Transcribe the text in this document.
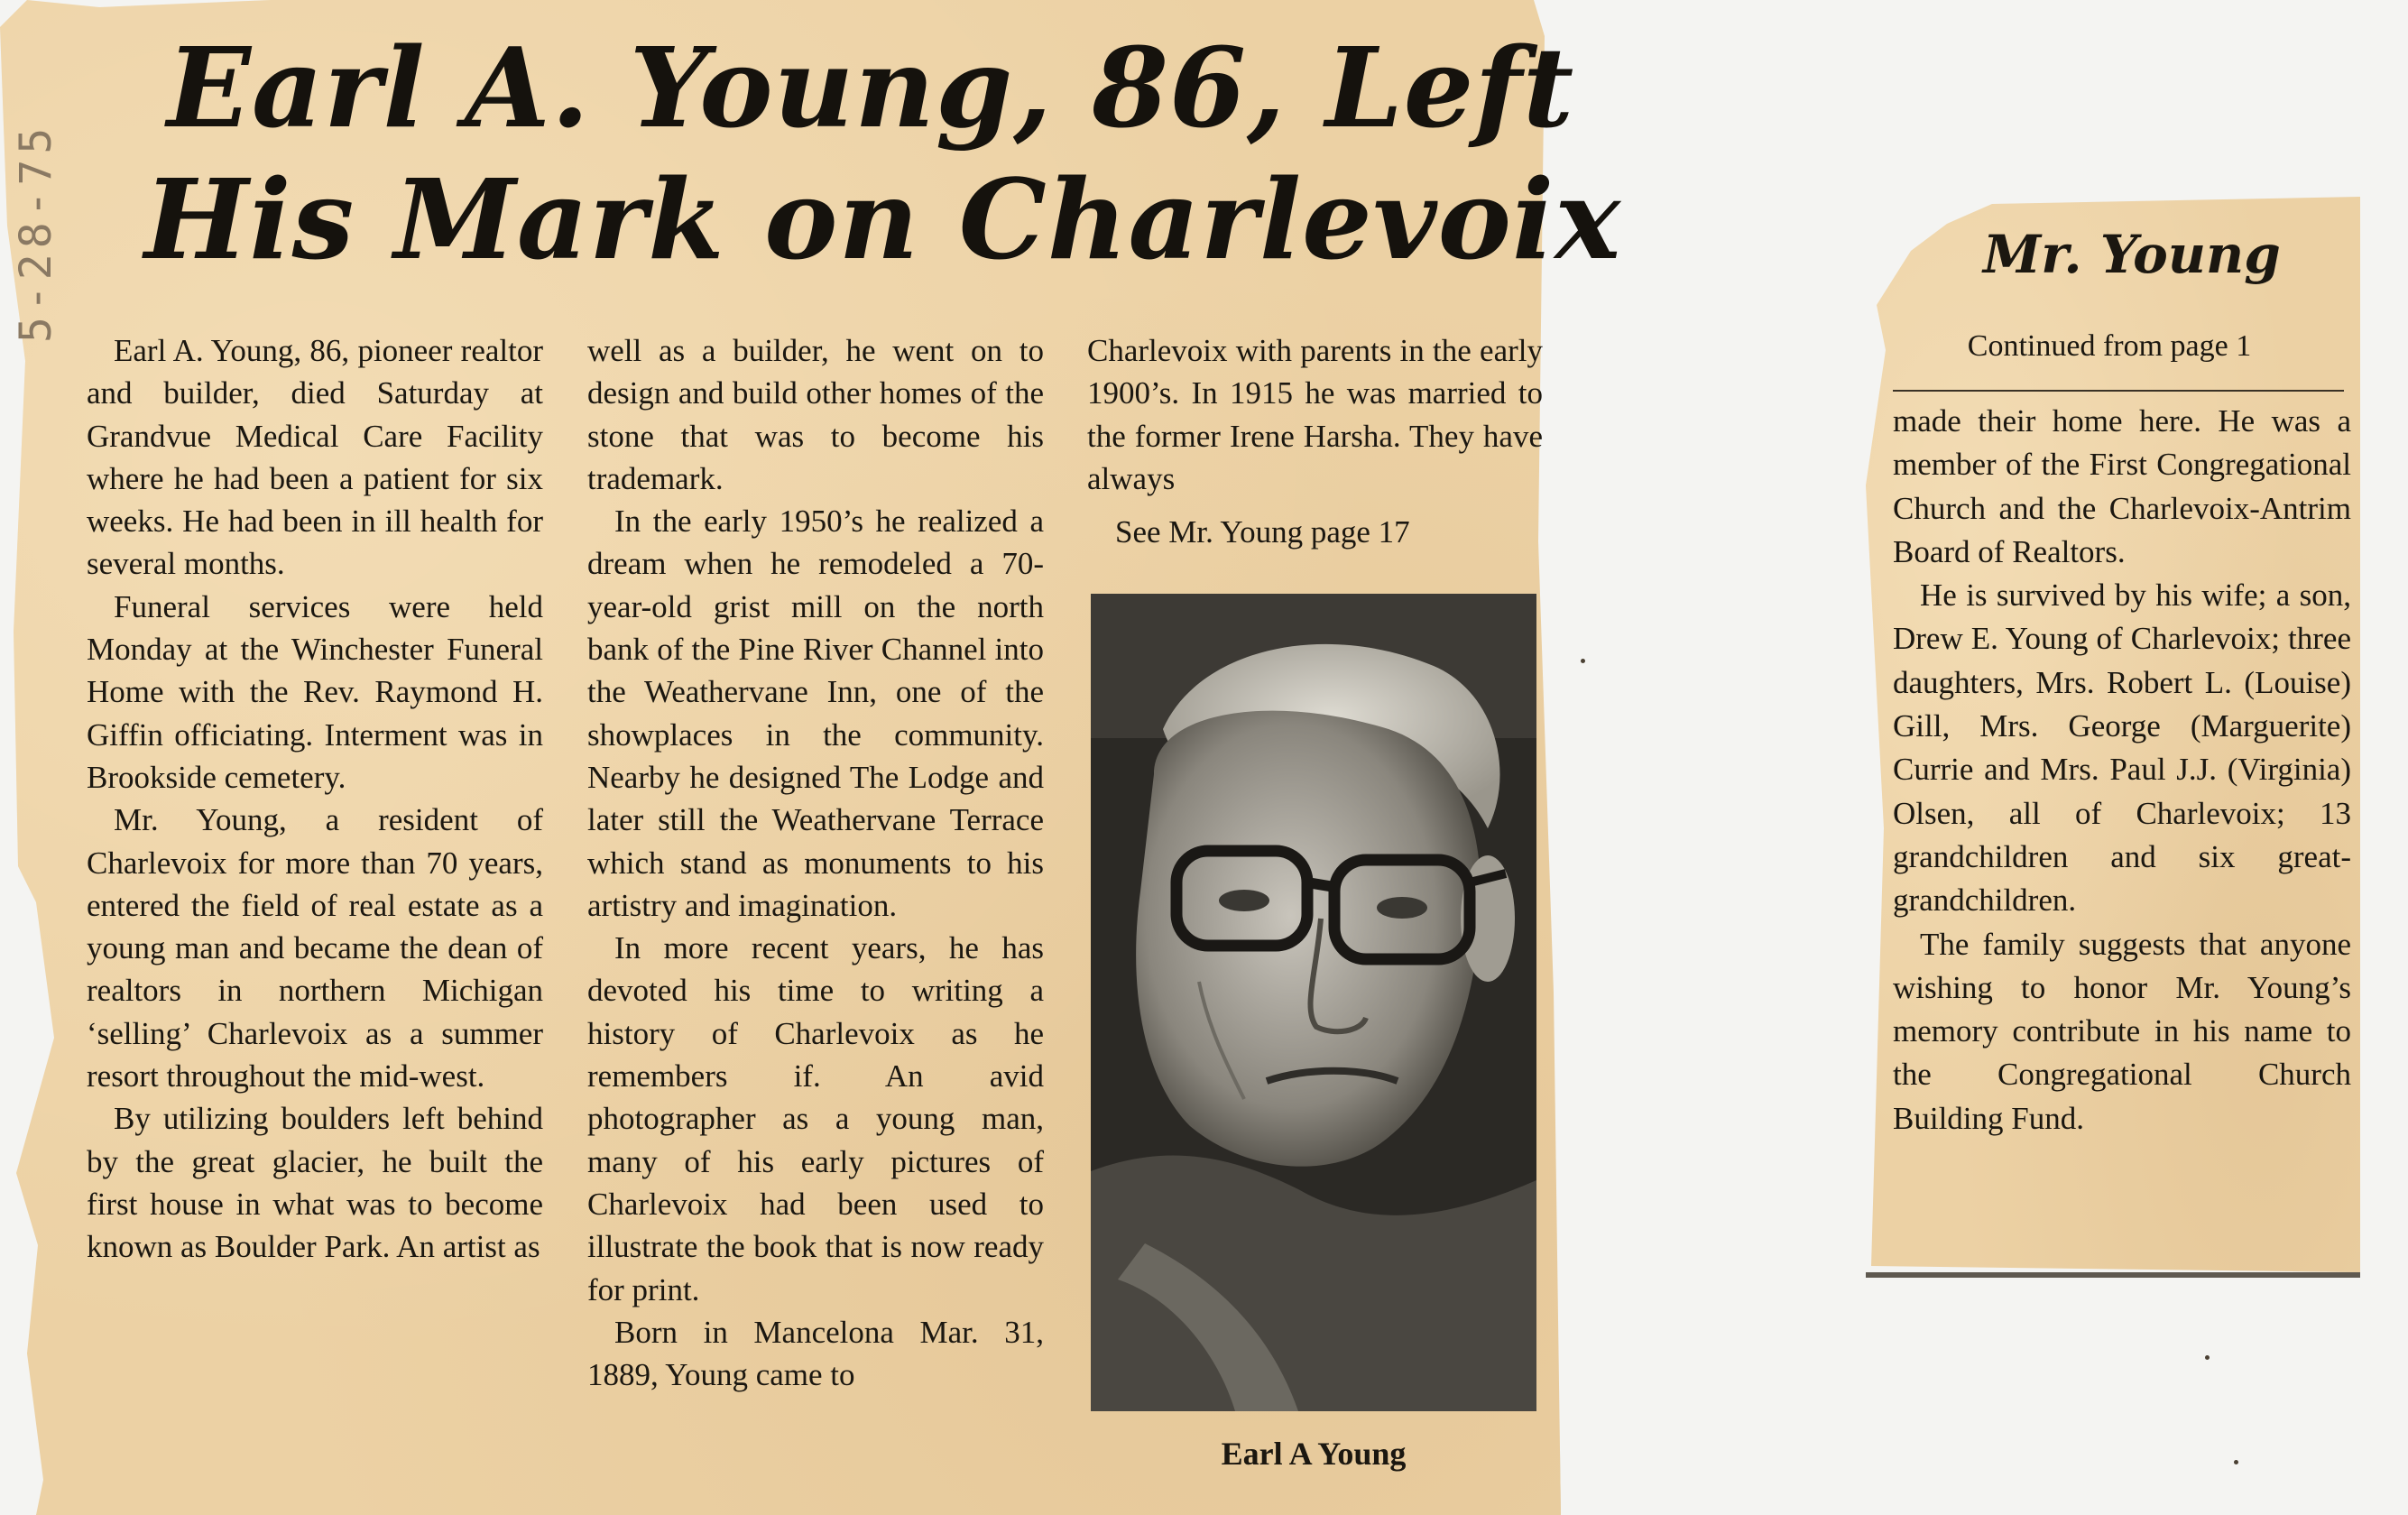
5-28-75
Earl A. Young, 86, Left
His Mark on Charlevoix

Earl A. Young, 86, pioneer realtor and builder, died Saturday at Grandvue Medical Care Facility where he had been a patient for six weeks. He had been in ill health for several months.

Funeral services were held Monday at the Winchester Funeral Home with the Rev. Raymond H. Giffin officiating. Interment was in Brookside cemetery.

Mr. Young, a resident of Charlevoix for more than 70 years, entered the field of real estate as a young man and became the dean of realtors in northern Michigan ‘selling’ Charlevoix as a summer resort throughout the mid-west.

By utilizing boulders left behind by the great glacier, he built the first house in what was to become known as Boulder Park. An artist as

well as a builder, he went on to design and build other homes of the stone that was to become his trademark.

In the early 1950’s he realized a dream when he remodeled a 70-year-old grist mill on the north bank of the Pine River Channel into the Weathervane Inn, one of the showplaces in the community. Nearby he designed The Lodge and later still the Weathervane Terrace which stand as monuments to his artistry and imagination.

In more recent years, he has devoted his time to writing a history of Charlevoix as he remembers if. An avid photographer as a young man, many of his early pictures of Charlevoix had been used to illustrate the book that is now ready for print.

Born in Mancelona Mar. 31, 1889, Young came to

Charlevoix with parents in the early 1900’s. In 1915 he was married to the former Irene Harsha. They have always

See Mr. Young page 17
Earl A Young
Mr. Young
Continued from page 1

made their home here. He was a member of the First Congregational Church and the Charlevoix-Antrim Board of Realtors.

He is survived by his wife; a son, Drew E. Young of Charlevoix; three daughters, Mrs. Robert L. (Louise) Gill, Mrs. George (Marguerite) Currie and Mrs. Paul J.J. (Virginia) Olsen, all of Charlevoix; 13 grandchildren and six great-grandchildren.

The family suggests that anyone wishing to honor Mr. Young’s memory contribute in his name to the Congregational Church Building Fund.
